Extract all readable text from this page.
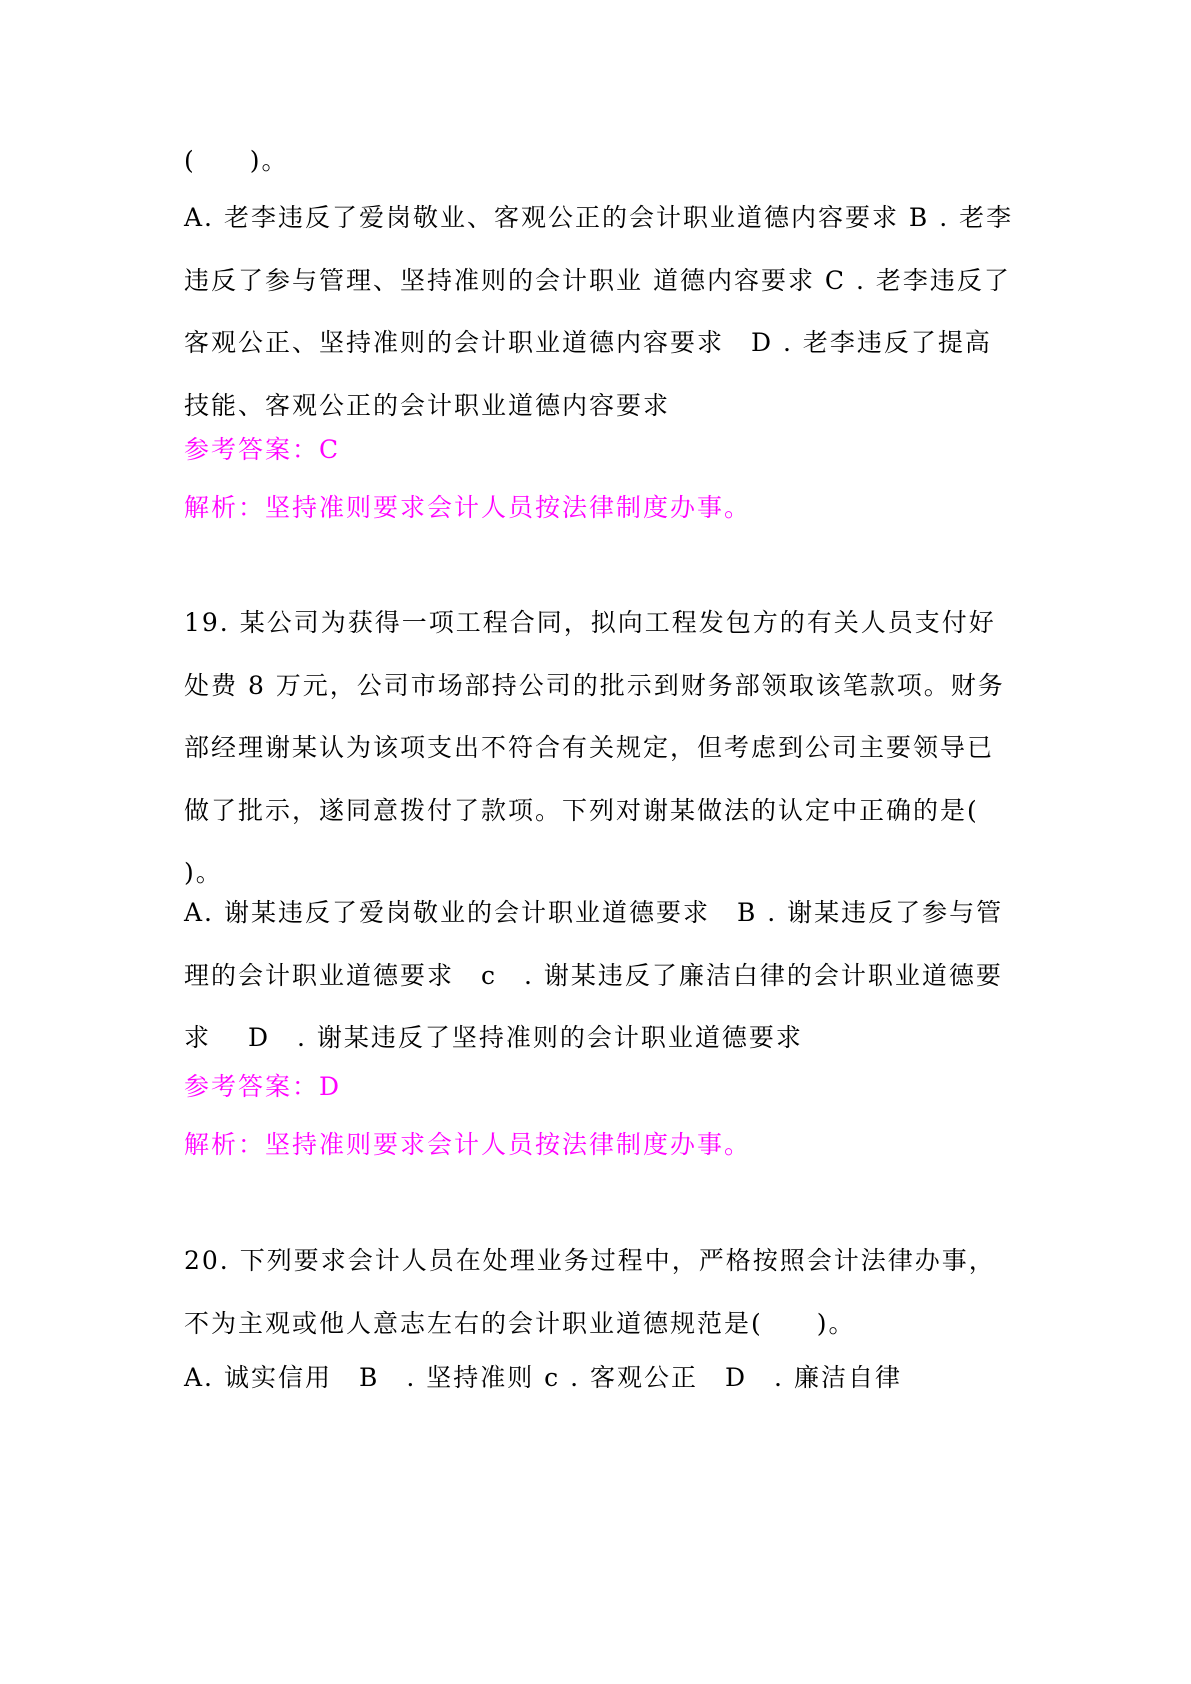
(　　)。

A. 老李违反了爱岗敬业、客观公正的会计职业道德内容要求 B . 老李违反了参与管理、坚持准则的会计职业 道德内容要求 C . 老李违反了客观公正、坚持准则的会计职业道德内容要求　D . 老李违反了提高技能、客观公正的会计职业道德内容要求

参考答案：C

解析：坚持准则要求会计人员按法律制度办事。

19. 某公司为获得一项工程合同，拟向工程发包方的有关人员支付好处费 8 万元，公司市场部持公司的批示到财务部领取该笔款项。财务部经理谢某认为该项支出不符合有关规定，但考虑到公司主要领导已做了批示，遂同意拨付了款项。下列对谢某做法的认定中正确的是(　　)。

A. 谢某违反了爱岗敬业的会计职业道德要求　B . 谢某违反了参与管理的会计职业道德要求　c　. 谢某违反了廉洁白律的会计职业道德要求　 D　. 谢某违反了坚持准则的会计职业道德要求

参考答案：D

解析：坚持准则要求会计人员按法律制度办事。

20. 下列要求会计人员在处理业务过程中，严格按照会计法律办事，不为主观或他人意志左右的会计职业道德规范是(　　)。

A. 诚实信用　B　. 坚持准则 c . 客观公正　D　. 廉洁自律
